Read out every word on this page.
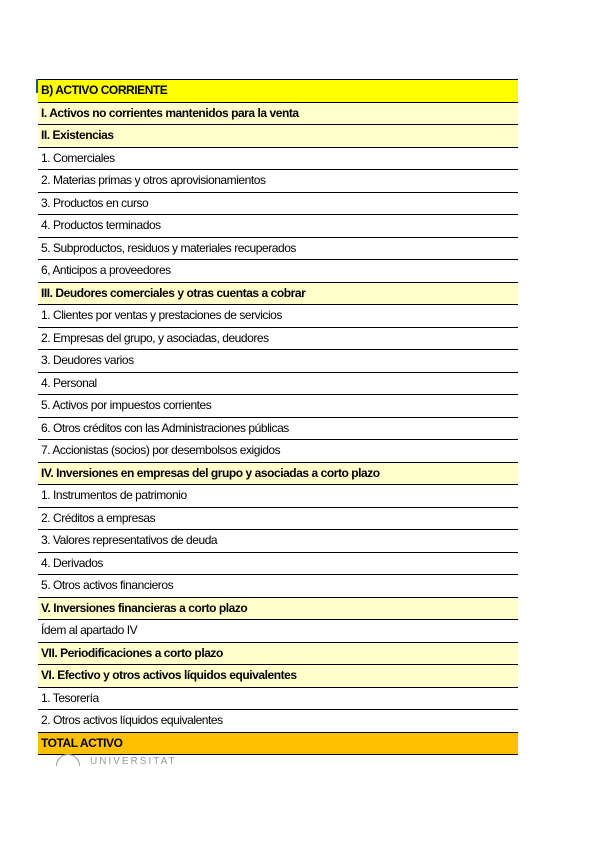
B) ACTIVO CORRIENTE
I. Activos no corrientes mantenidos para la venta
II. Existencias
1. Comerciales
2. Materias primas y otros aprovisionamientos
3. Productos en curso
4. Productos terminados
5. Subproductos, residuos y materiales recuperados
6, Anticipos a proveedores
III. Deudores comerciales y otras cuentas a cobrar
1. Clientes por ventas y prestaciones de servicios
2. Empresas del grupo, y asociadas, deudores
3. Deudores varios
4. Personal
5. Activos por impuestos corrientes
6. Otros créditos con las Administraciones públicas
7. Accionistas (socios) por desembolsos exigidos
IV. Inversiones en empresas del grupo y asociadas a corto plazo
1. Instrumentos de patrimonio
2. Créditos a empresas
3. Valores representativos de deuda
4. Derivados
5. Otros activos financieros
V. Inversiones financieras a corto plazo
Ídem al apartado IV
VII. Periodificaciones a corto plazo
VI. Efectivo y otros activos líquidos equivalentes
1. Tesorería
2. Otros activos líquidos equivalentes
TOTAL ACTIVO
UNIVERSITAT
